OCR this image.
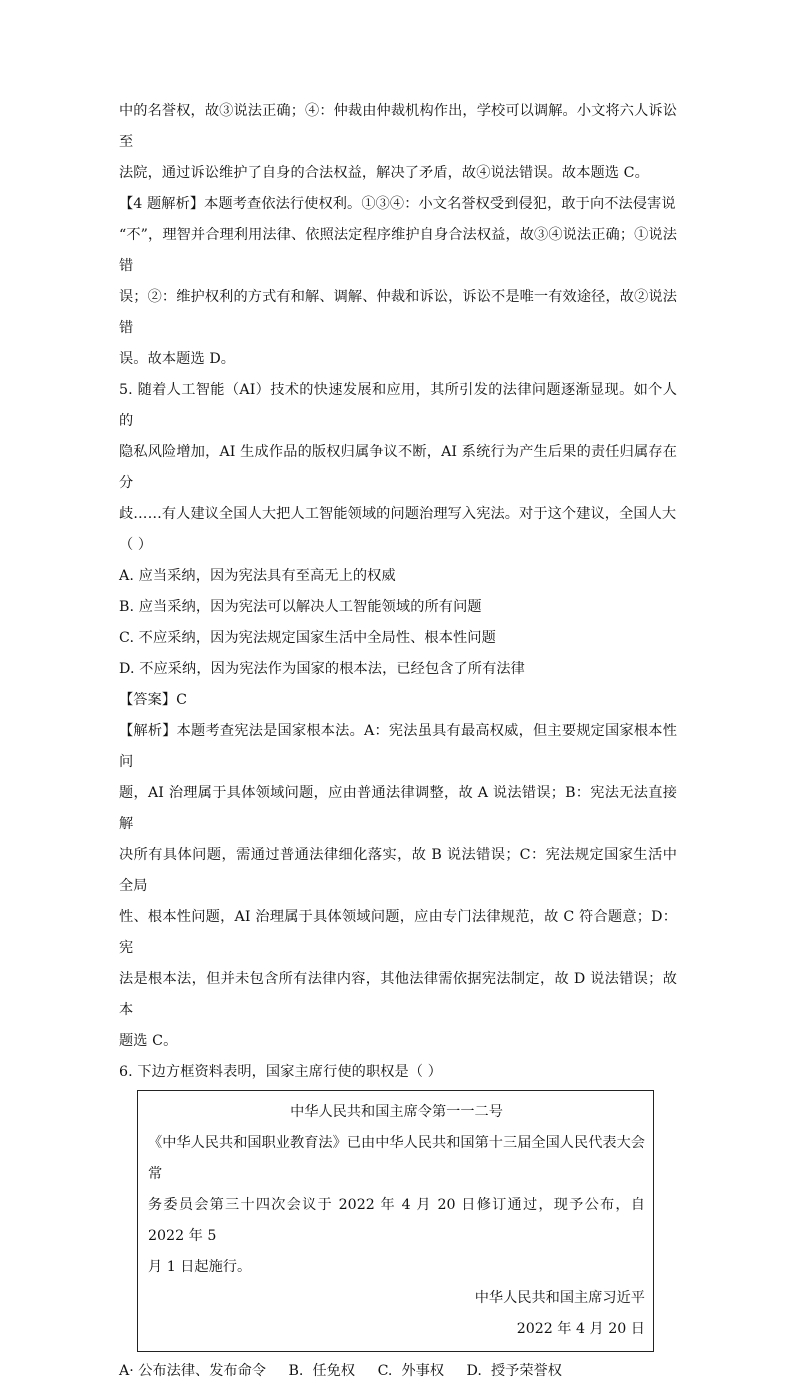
中的名誉权，故③说法正确；④：仲裁由仲裁机构作出，学校可以调解。小文将六人诉讼至

法院，通过诉讼维护了自身的合法权益，解决了矛盾，故④说法错误。故本题选 C。

【4 题解析】本题考查依法行使权利。①③④：小文名誉权受到侵犯，敢于向不法侵害说

“不”，理智并合理利用法律、依照法定程序维护自身合法权益，故③④说法正确；①说法错

误；②：维护权利的方式有和解、调解、仲裁和诉讼，诉讼不是唯一有效途径，故②说法错

误。故本题选 D。

5. 随着人工智能（AI）技术的快速发展和应用，其所引发的法律问题逐渐显现。如个人的

隐私风险增加，AI 生成作品的版权归属争议不断，AI 系统行为产生后果的责任归属存在分

歧……有人建议全国人大把人工智能领域的问题治理写入宪法。对于这个建议，全国人大

（ ）

A. 应当采纳，因为宪法具有至高无上的权威

B. 应当采纳，因为宪法可以解决人工智能领域的所有问题

C. 不应采纳，因为宪法规定国家生活中全局性、根本性问题

D. 不应采纳，因为宪法作为国家的根本法，已经包含了所有法律

【答案】C

【解析】本题考查宪法是国家根本法。A：宪法虽具有最高权威，但主要规定国家根本性问

题，AI 治理属于具体领域问题，应由普通法律调整，故 A 说法错误；B：宪法无法直接解

决所有具体问题，需通过普通法律细化落实，故 B 说法错误；C：宪法规定国家生活中全局

性、根本性问题，AI 治理属于具体领域问题，应由专门法律规范，故 C 符合题意；D：宪

法是根本法，但并未包含所有法律内容，其他法律需依据宪法制定，故 D 说法错误；故本

题选 C。

6. 下边方框资料表明，国家主席行使的职权是（ ）

中华人民共和国主席令第一一二号
《中华人民共和国职业教育法》已由中华人民共和国第十三届全国人民代表大会常
务委员会第三十四次会议于 2022 年 4 月 20 日修订通过，现予公布，自 2022 年 5
月 1 日起施行。
中华人民共和国主席习近平
2022 年 4 月 20 日
A· 公布法律、发布命令     B.  任免权     C.  外事权     D.  授予荣誉权
